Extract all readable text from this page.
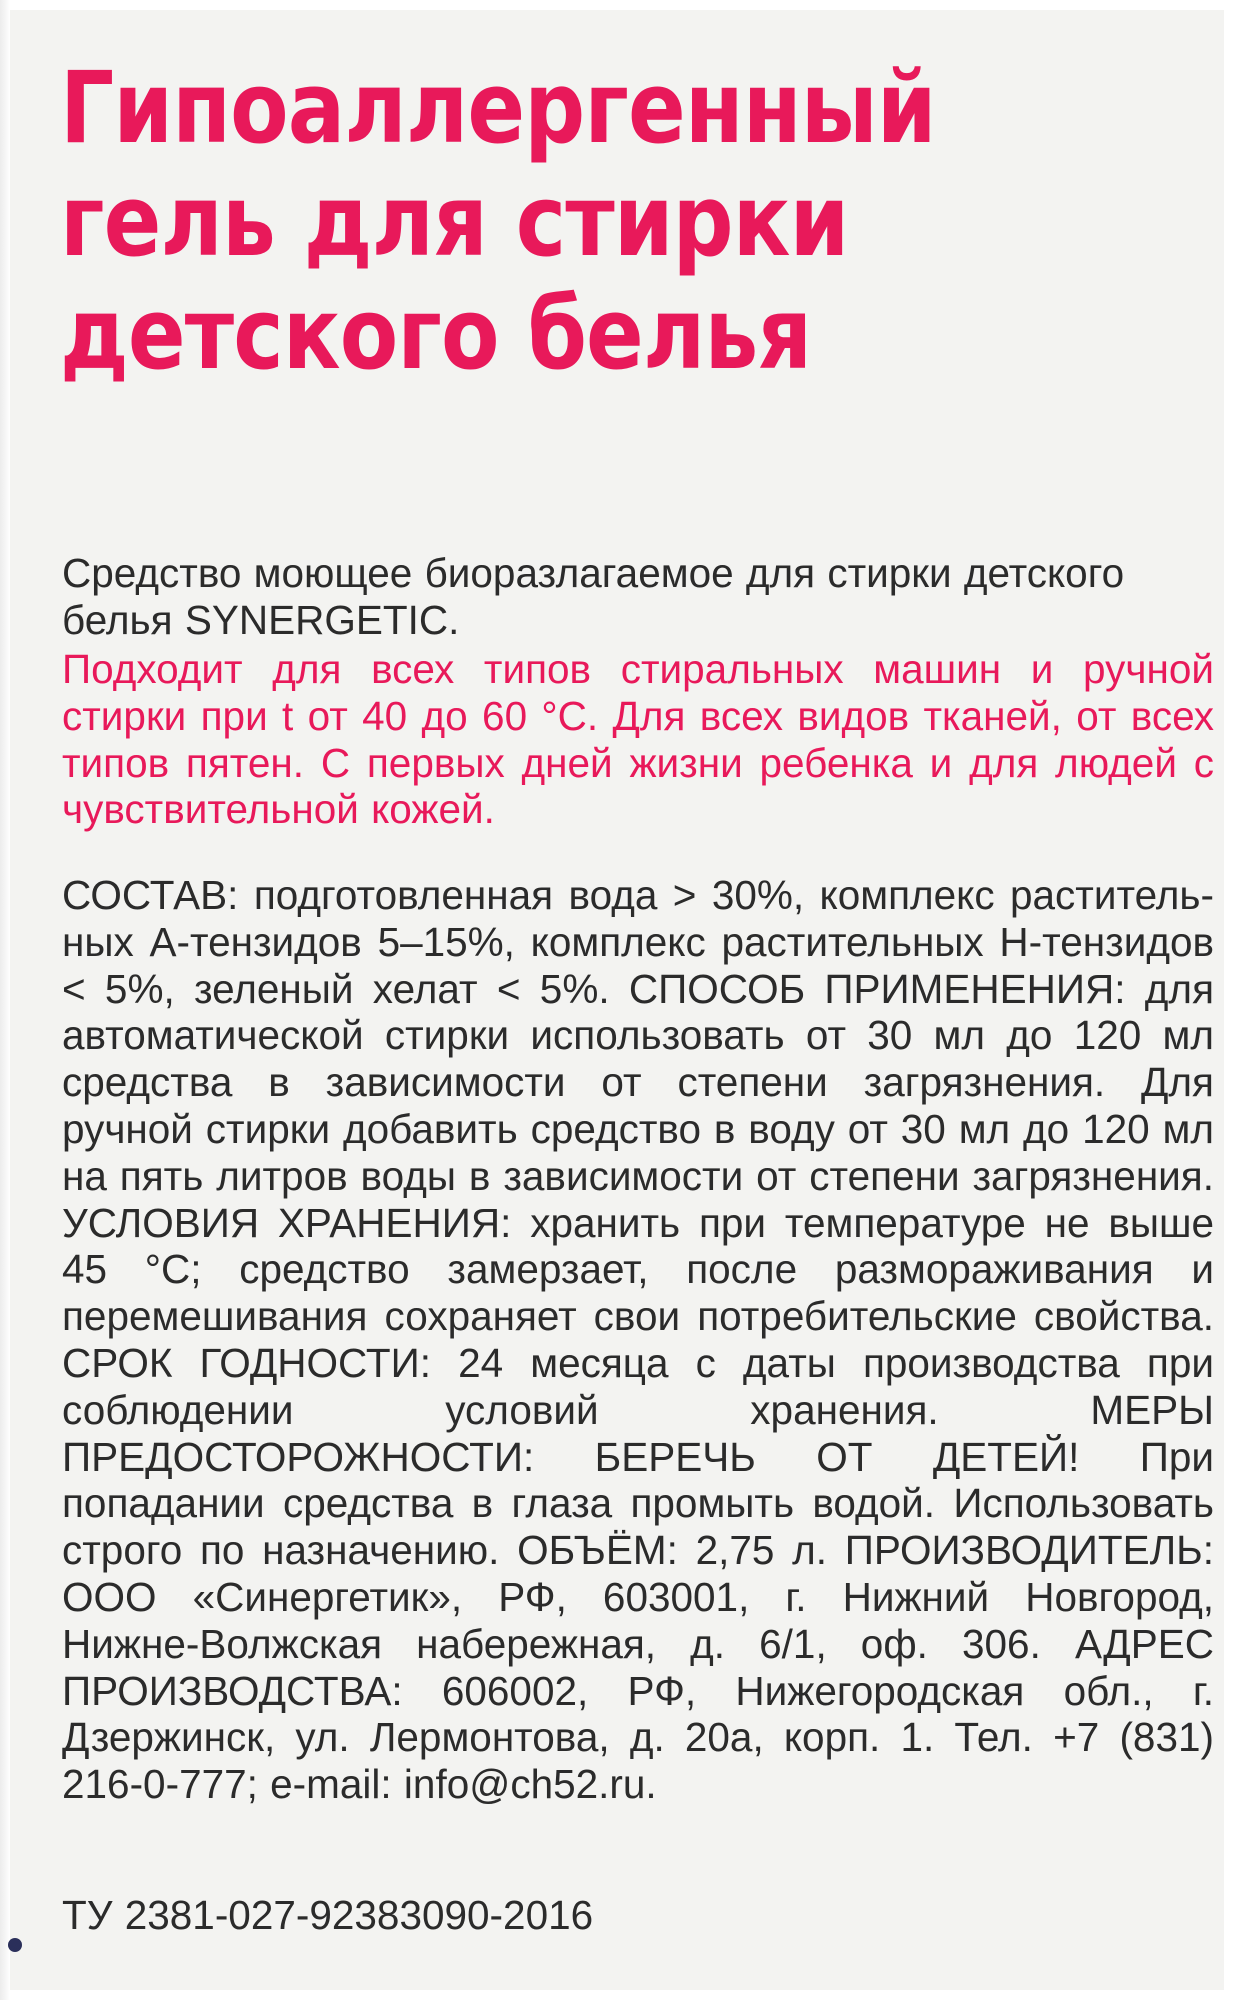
Гипоаллергенный
гель для стирки
детского белья

Средство моющее биоразлагаемое для стирки детского белья SYNERGETIC.

Подходит для всех типов стиральных машин и ручной стирки при t от 40 до 60 °С. Для всех видов тканей, от всех типов пятен. С первых дней жизни ребенка и для людей с чувствительной кожей.

СОСТАВ: подготовленная вода > 30%, комплекс растительных А-тензидов 5–15%, комплекс растительных Н-тензидов < 5%, зеленый хелат < 5%. СПОСОБ ПРИМЕНЕНИЯ: для автоматической стирки использовать от 30 мл до 120 мл средства в зависимости от степени загрязнения. Для ручной стирки добавить средство в воду от 30 мл до 120 мл на пять литров воды в зависимости от степени загрязнения. УСЛОВИЯ ХРАНЕНИЯ: хранить при температуре не выше 45 °С; средство замерзает, после размораживания и перемешивания сохраняет свои потребительские свойства. СРОК ГОДНОСТИ: 24 месяца с даты производства при соблюдении условий хранения. МЕРЫ ПРЕДОСТОРОЖНОСТИ: БЕРЕЧЬ ОТ ДЕТЕЙ! При попадании средства в глаза промыть водой. Использовать строго по назначению. ОБЪЁМ: 2,75 л. ПРОИЗВОДИТЕЛЬ: ООО «Синергетик», РФ, 603001, г. Нижний Новгород, Нижне-Волжская набережная, д. 6/1, оф. 306. АДРЕС ПРОИЗВОДСТВА: 606002, РФ, Нижегородская обл., г. Дзержинск, ул. Лермонтова, д. 20а, корп. 1. Тел. +7 (831) 216-0-777; e-mail: info@ch52.ru.

ТУ 2381-027-92383090-2016
